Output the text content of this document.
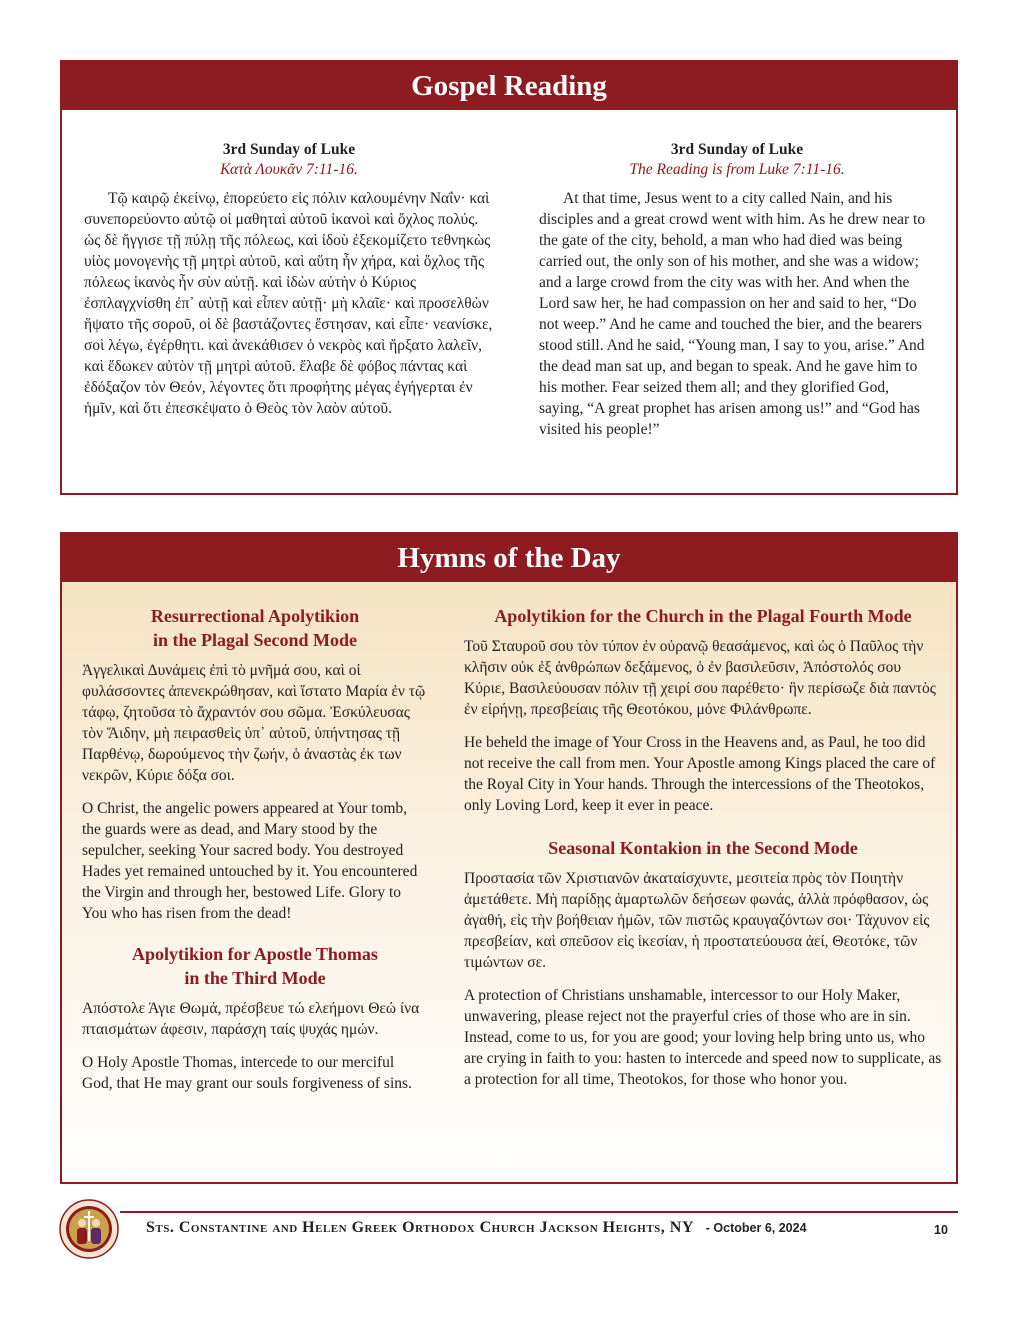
Gospel Reading
3rd Sunday of Luke
Κατὰ Λουκᾶν 7:11-16.

Τῷ καιρῷ ἐκείνῳ, ἐπορεύετο εἰς πόλιν καλουμένην Ναΐν· καὶ συνεπορεύοντο αὐτῷ οἱ μαθηταὶ αὐτοῦ ἱκανοὶ καὶ ὄχλος πολύς. ὡς δὲ ἤγγισε τῇ πύλῃ τῆς πόλεως, καὶ ἰδοὺ ἐξεκομίζετο τεθνηκὼς υἱὸς μονογενὴς τῇ μητρὶ αὐτοῦ, καὶ αὕτη ἦν χήρα, καὶ ὄχλος τῆς πόλεως ἱκανὸς ἦν σὺν αὐτῇ. καὶ ἰδὼν αὐτὴν ὁ Κύριος ἐσπλαγχνίσθη ἐπ᾽ αὐτῇ καὶ εἶπεν αὐτῇ· μὴ κλαῖε· καὶ προσελθὼν ἥψατο τῆς σοροῦ, οἱ δὲ βαστάζοντες ἔστησαν, καὶ εἶπε· νεανίσκε, σοὶ λέγω, ἐγέρθητι. καὶ ἀνεκάθισεν ὁ νεκρὸς καὶ ἤρξατο λαλεῖν, καὶ ἔδωκεν αὐτὸν τῇ μητρὶ αὐτοῦ. ἔλαβε δὲ φόβος πάντας καὶ ἐδόξαζον τὸν Θεόν, λέγοντες ὅτι προφήτης μέγας ἐγήγερται ἐν ἡμῖν, καὶ ὅτι ἐπεσκέψατο ὁ Θεὸς τὸν λαὸν αὐτοῦ.

3rd Sunday of Luke
The Reading is from Luke 7:11-16.

At that time, Jesus went to a city called Nain, and his disciples and a great crowd went with him. As he drew near to the gate of the city, behold, a man who had died was being carried out, the only son of his mother, and she was a widow; and a large crowd from the city was with her. And when the Lord saw her, he had compassion on her and said to her, “Do not weep.” And he came and touched the bier, and the bearers stood still. And he said, “Young man, I say to you, arise.” And the dead man sat up, and began to speak. And he gave him to his mother. Fear seized them all; and they glorified God, saying, “A great prophet has arisen among us!” and “God has visited his people!”

Hymns of the Day
Resurrectional Apolytikion
in the Plagal Second Mode

Ἀγγελικαὶ Δυνάμεις ἐπὶ τὸ μνῆμά σου, καὶ οἱ φυλάσσοντες ἀπενεκρώθησαν, καὶ ἵστατο Μαρία ἐν τῷ τάφῳ, ζητοῦσα τὸ ἄχραντόν σου σῶμα. Ἐσκύλευσας τὸν Ἅιδην, μὴ πειρασθεὶς ὑπ᾽ αὐτοῦ, ὑπήντησας τῇ Παρθένῳ, δωρούμενος τὴν ζωήν, ὁ ἀναστὰς ἐκ των νεκρῶν, Κύριε δόξα σοι.

O Christ, the angelic powers appeared at Your tomb, the guards were as dead, and Mary stood by the sepulcher, seeking Your sacred body. You destroyed Hades yet remained untouched by it. You encountered the Virgin and through her, bestowed Life. Glory to You who has risen from the dead!

Apolytikion for Apostle Thomas
in the Third Mode

Απόστολε Άγιε Θωμά, πρέσβευε τώ ελεήμονι Θεώ ίνα πταισμάτων άφεσιν, παράσχη ταίς ψυχάς ημών.

O Holy Apostle Thomas, intercede to our merciful God, that He may grant our souls forgiveness of sins.

Apolytikion for the Church in the Plagal Fourth Mode

Τοῦ Σταυροῦ σου τὸν τύπον ἐν οὐρανῷ θεασάμενος, καὶ ὡς ὁ Παῦλος τὴν κλῆσιν οὐκ ἐξ ἀνθρώπων δεξάμενος, ὁ ἐν βασιλεῦσιν, Ἀπόστολός σου Κύριε, Βασιλεύουσαν πόλιν τῇ χειρί σου παρέθετο· ἣν περίσωζε διὰ παντὸς ἐν εἰρήνῃ, πρεσβείαις τῆς Θεοτόκου, μόνε Φιλάνθρωπε.

He beheld the image of Your Cross in the Heavens and, as Paul, he too did not receive the call from men. Your Apostle among Kings placed the care of the Royal City in Your hands. Through the intercessions of the Theotokos, only Loving Lord, keep it ever in peace.

Seasonal Kontakion in the Second Mode

Προστασία τῶν Χριστιανῶν ἀκαταίσχυντε, μεσιτεία πρὸς τὸν Ποιητὴν ἀμετάθετε. Μὴ παρίδῃς ἁμαρτωλῶν δεήσεων φωνάς, ἀλλὰ πρόφθασον, ὡς ἀγαθή, εἰς τὴν βοήθειαν ἡμῶν, τῶν πιστῶς κραυγαζόντων σοι· Τάχυνον εἰς πρεσβείαν, καὶ σπεῦσον εἰς ἱκεσίαν, ἡ προστατεύουσα ἀεί, Θεοτόκε, τῶν τιμώντων σε.

A protection of Christians unshamable, intercessor to our Holy Maker, unwavering, please reject not the prayerful cries of those who are in sin. Instead, come to us, for you are good; your loving help bring unto us, who are crying in faith to you: hasten to intercede and speed now to supplicate, as a protection for all time, Theotokos, for those who honor you.

Sts. Constantine and Helen Greek Orthodox Church Jackson Heights, NY - October 6, 2024	10
